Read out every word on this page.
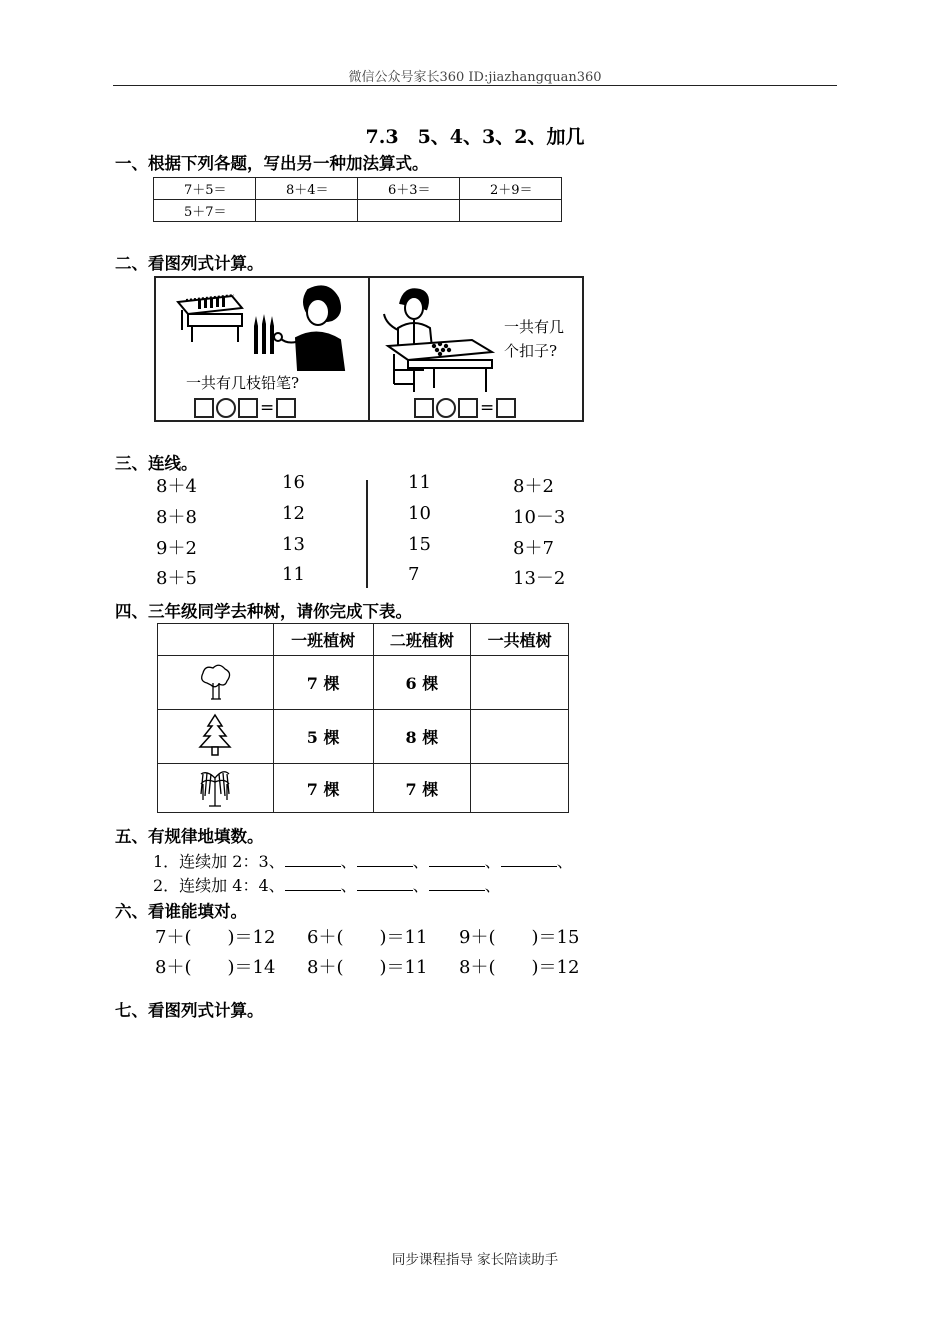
微信公众号家长360 ID:jiazhangquan360
7.3　5、4、3、2、加几
一、根据下列各题，写出另一种加法算式。
7＋5＝	8＋4＝	6＋3＝	2＋9＝
5＋7＝			
二、看图列式计算。
一共有几枝铅笔?
=
一共有几
个扣子?
=
三、连线。
8＋4
8＋8
9＋2
8＋5
16
12
13
11
11
10
15
7
8＋2
10－3
8＋7
13－2
四、三年级同学去种树，请你完成下表。
	一班植树	二班植树	一共植树
	7 棵	6 棵	
	5 棵	8 棵	
	7 棵	7 棵	
五、有规律地填数。
1．连续加 2：3、	、	、	、	、
2．连续加 4：4、	、	、	、
六、看谁能填对。
7＋(　　)＝12 6＋(　　)＝11 9＋(　　)＝15
8＋(　　)＝14 8＋(　　)＝11 8＋(　　)＝12
七、看图列式计算。
同步课程指导 家长陪读助手
